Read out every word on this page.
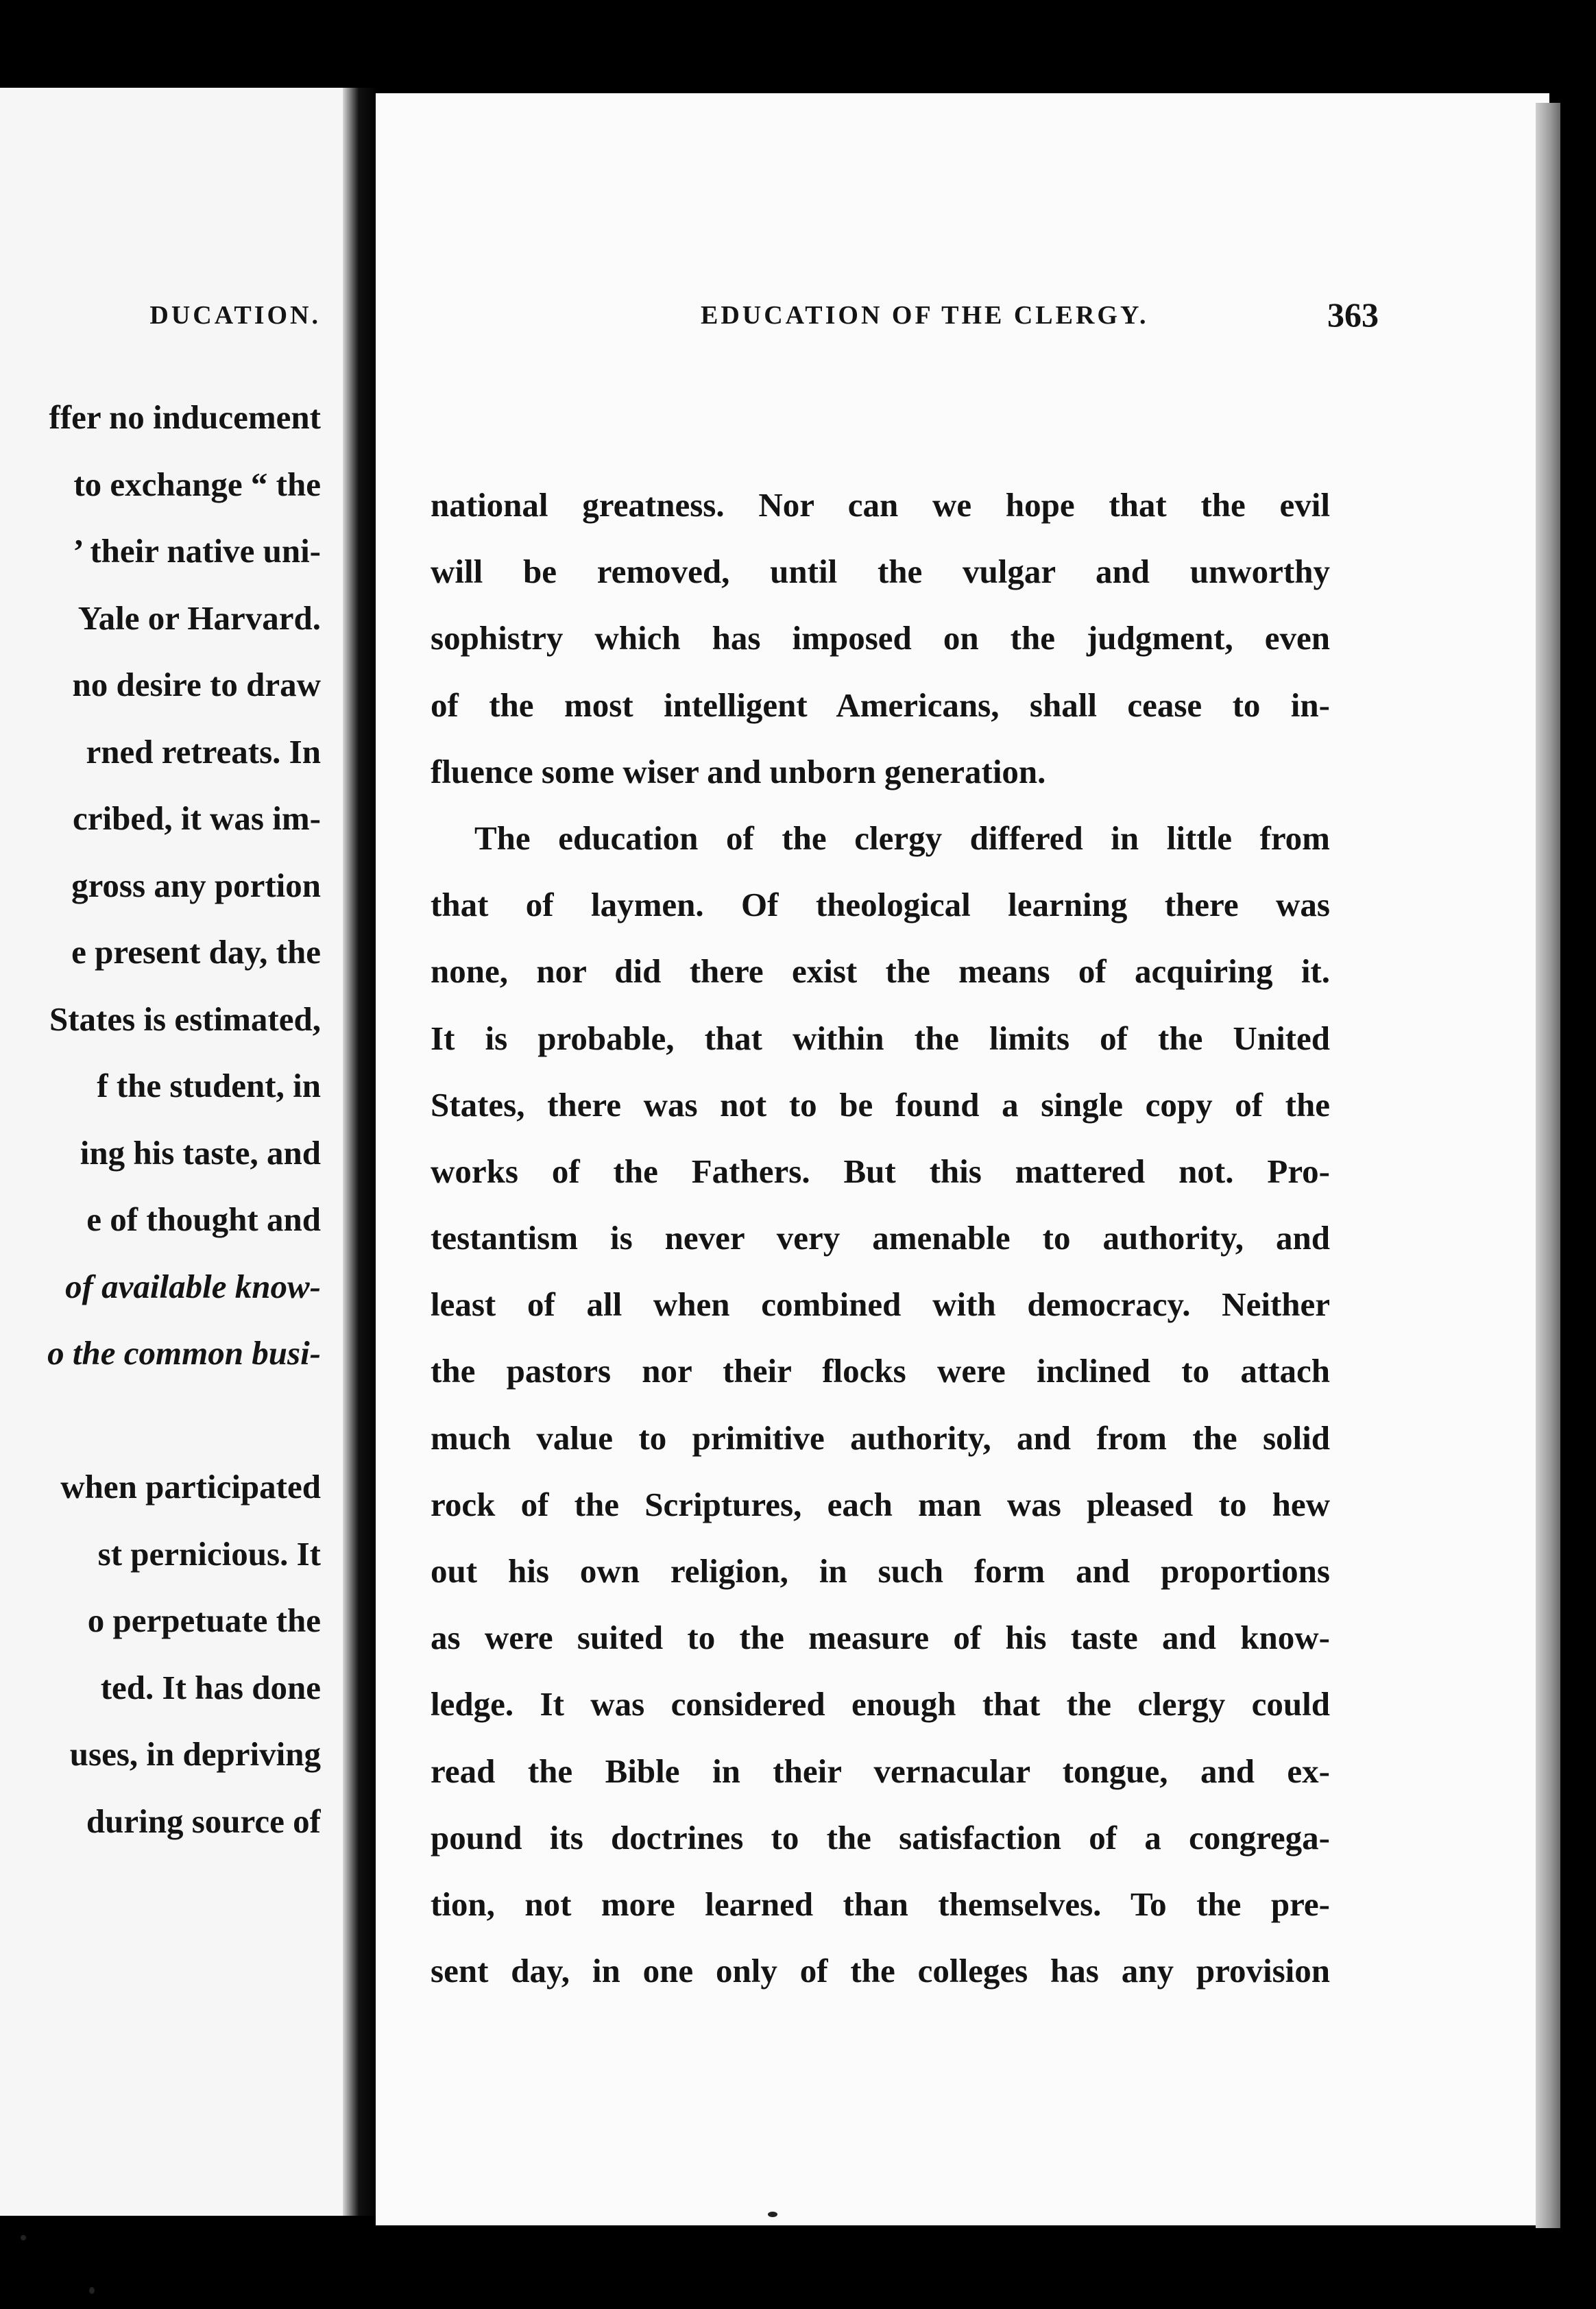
DUCATION.
ffer no inducement
to exchange “ the
’ their native uni-
Yale or Harvard.
no desire to draw
rned retreats. In
cribed, it was im-
gross any portion
e present day, the
States is estimated,
f the student, in
ing his taste, and
e of thought and
of available know-
o the common busi-
when participated
st pernicious. It
o perpetuate the
ted. It has done
uses, in depriving
during source of
EDUCATION OF THE CLERGY.	363
national greatness. Nor can we hope that the evil
will be removed, until the vulgar and unworthy
sophistry which has imposed on the judgment, even
of the most intelligent Americans, shall cease to in-
fluence some wiser and unborn generation.
The education of the clergy differed in little from
that of laymen. Of theological learning there was
none, nor did there exist the means of acquiring it.
It is probable, that within the limits of the United
States, there was not to be found a single copy of the
works of the Fathers. But this mattered not. Pro-
testantism is never very amenable to authority, and
least of all when combined with democracy. Neither
the pastors nor their flocks were inclined to attach
much value to primitive authority, and from the solid
rock of the Scriptures, each man was pleased to hew
out his own religion, in such form and proportions
as were suited to the measure of his taste and know-
ledge. It was considered enough that the clergy could
read the Bible in their vernacular tongue, and ex-
pound its doctrines to the satisfaction of a congrega-
tion, not more learned than themselves. To the pre-
sent day, in one only of the colleges has any provision
